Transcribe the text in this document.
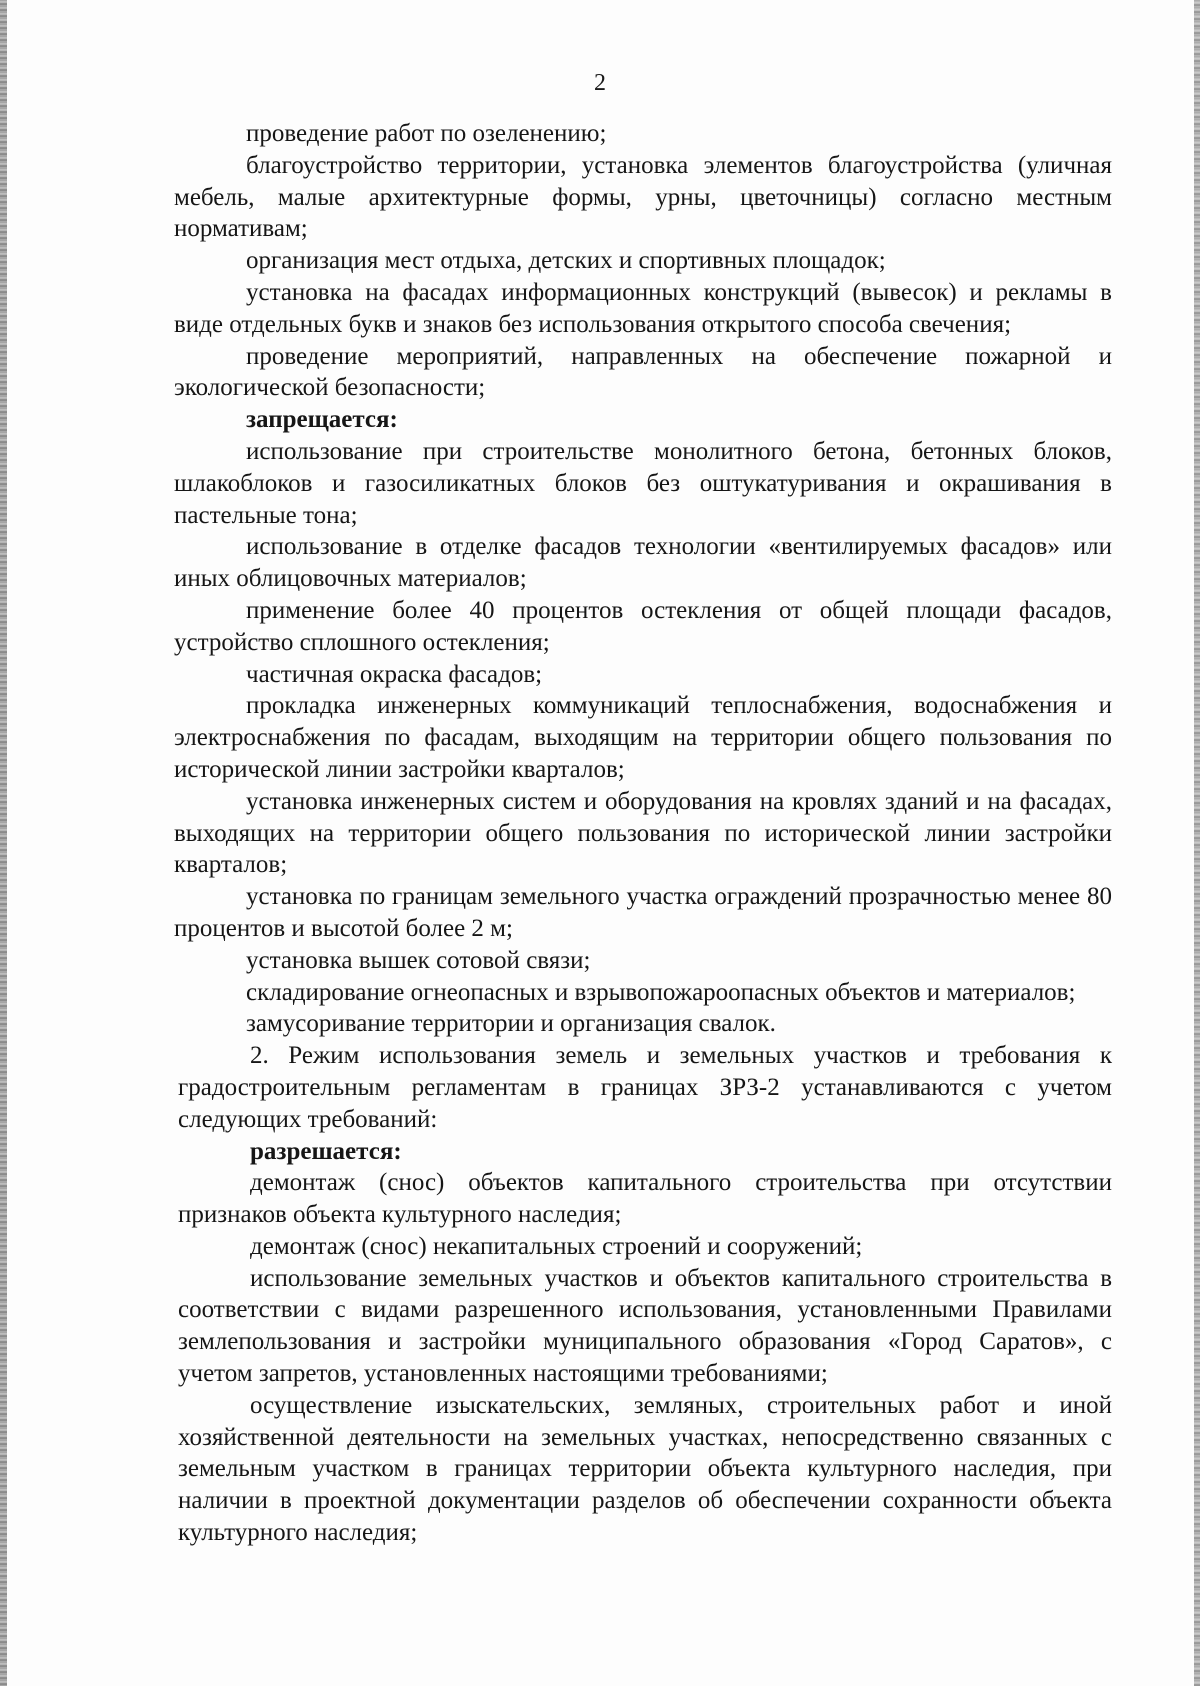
2

проведение работ по озеленению;

благоустройство территории, установка элементов благоустройства (уличная мебель, малые архитектурные формы, урны, цветочницы) согласно местным нормативам;

организация мест отдыха, детских и спортивных площадок;

установка на фасадах информационных конструкций (вывесок) и рекламы в виде отдельных букв и знаков без использования открытого способа свечения;

проведение мероприятий, направленных на обеспечение пожарной и экологической безопасности;

запрещается:

использование при строительстве монолитного бетона, бетонных блоков, шлакоблоков и газосиликатных блоков без оштукатуривания и окрашивания в пастельные тона;

использование в отделке фасадов технологии «вентилируемых фасадов» или иных облицовочных материалов;

применение более 40 процентов остекления от общей площади фасадов, устройство сплошного остекления;

частичная окраска фасадов;

прокладка инженерных коммуникаций теплоснабжения, водоснабжения и электроснабжения по фасадам, выходящим на территории общего пользования по исторической линии застройки кварталов;

установка инженерных систем и оборудования на кровлях зданий и на фасадах, выходящих на территории общего пользования по исторической линии застройки кварталов;

установка по границам земельного участка ограждений прозрачностью менее 80 процентов и высотой более 2 м;

установка вышек сотовой связи;

складирование огнеопасных и взрывопожароопасных объектов и материалов;

замусоривание территории и организация свалок.

2. Режим использования земель и земельных участков и требования к градостроительным регламентам в границах ЗРЗ-2 устанавливаются с учетом следующих требований:

разрешается:

демонтаж (снос) объектов капитального строительства при отсутствии признаков объекта культурного наследия;

демонтаж (снос) некапитальных строений и сооружений;

использование земельных участков и объектов капитального строительства в соответствии с видами разрешенного использования, установленными Правилами землепользования и застройки муниципального образования «Город Саратов», с учетом запретов, установленных настоящими требованиями;

осуществление изыскательских, земляных, строительных работ и иной хозяйственной деятельности на земельных участках, непосредственно связанных с земельным участком в границах территории объекта культурного наследия, при наличии в проектной документации разделов об обеспечении сохранности объекта культурного наследия;
